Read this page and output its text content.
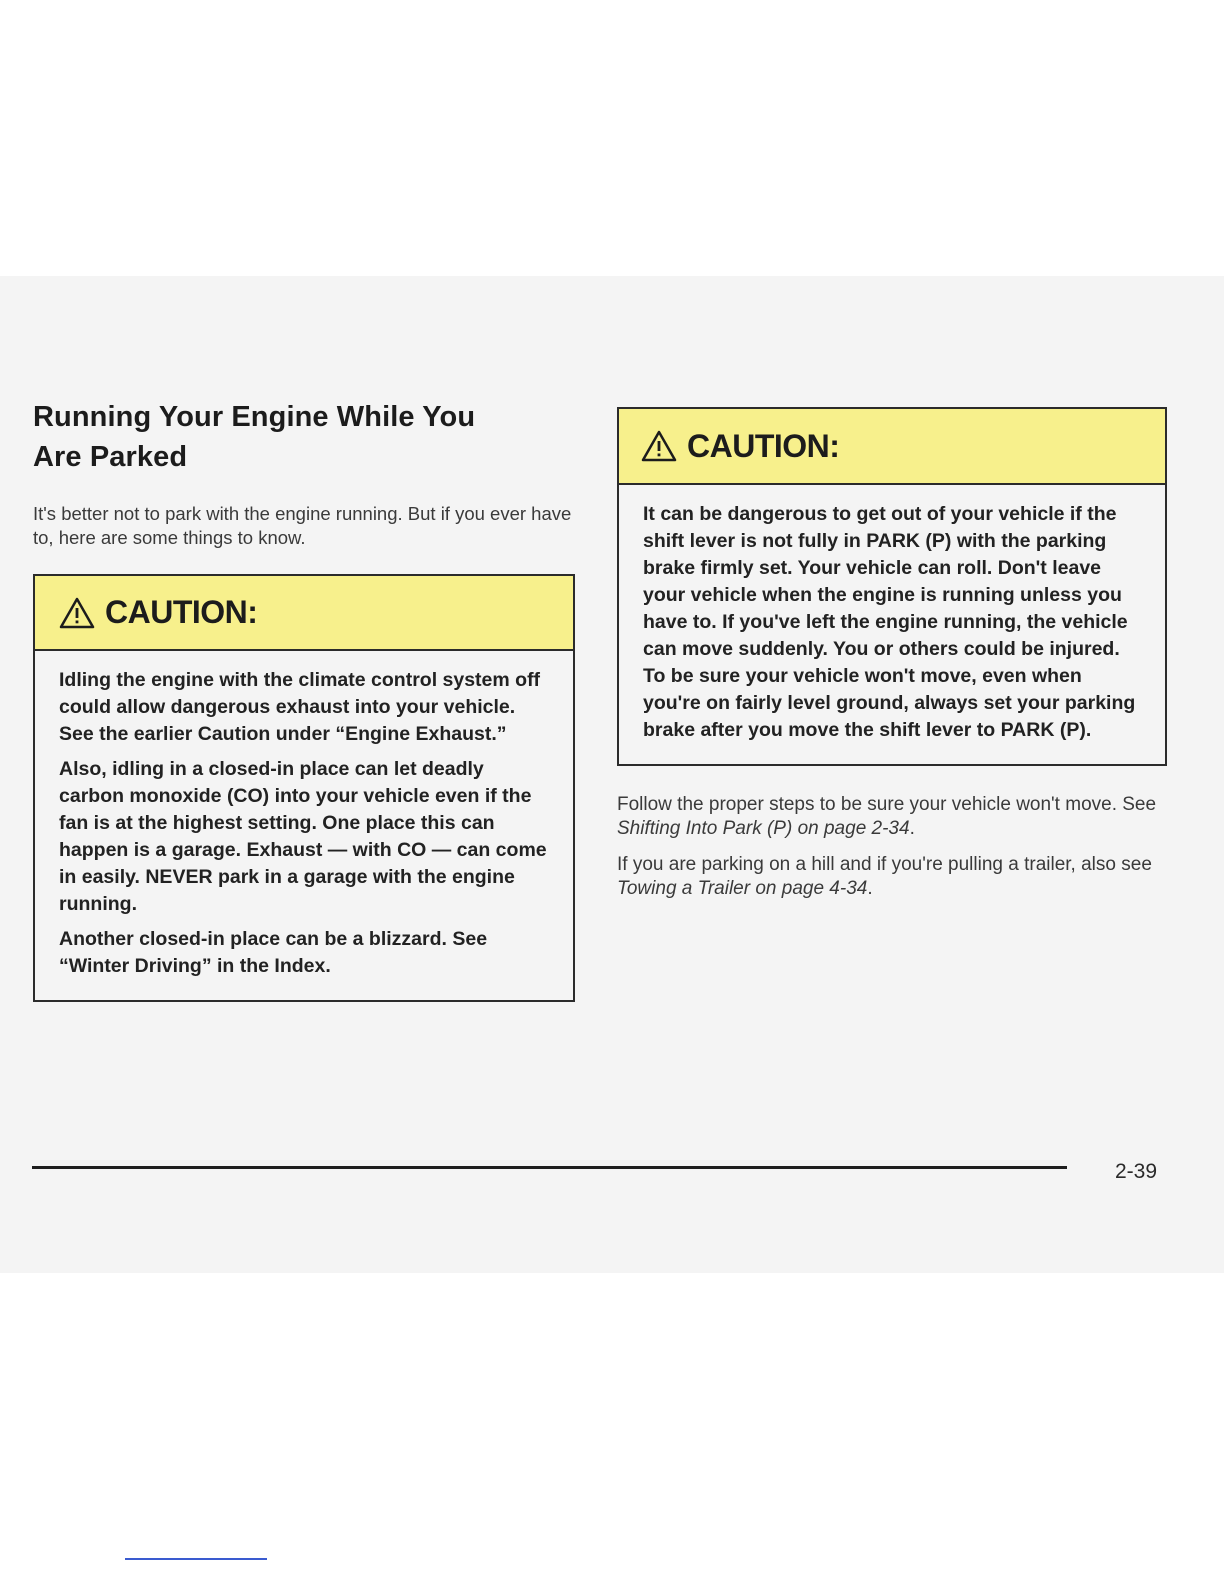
Running Your Engine While You
Are Parked

It's better not to park with the engine running. But if you ever have to, here are some things to know.

CAUTION:

Idling the engine with the climate control system off could allow dangerous exhaust into your vehicle. See the earlier Caution under “Engine Exhaust.”

Also, idling in a closed-in place can let deadly carbon monoxide (CO) into your vehicle even if the fan is at the highest setting. One place this can happen is a garage. Exhaust — with CO — can come in easily. NEVER park in a garage with the engine running.

Another closed-in place can be a blizzard. See “Winter Driving” in the Index.

CAUTION:

It can be dangerous to get out of your vehicle if the shift lever is not fully in PARK (P) with the parking brake firmly set. Your vehicle can roll. Don't leave your vehicle when the engine is running unless you have to. If you've left the engine running, the vehicle can move suddenly. You or others could be injured. To be sure your vehicle won't move, even when you're on fairly level ground, always set your parking brake after you move the shift lever to PARK (P).

Follow the proper steps to be sure your vehicle won't move. See Shifting Into Park (P) on page 2-34.

If you are parking on a hill and if you're pulling a trailer, also see Towing a Trailer on page 4-34.

2-39
